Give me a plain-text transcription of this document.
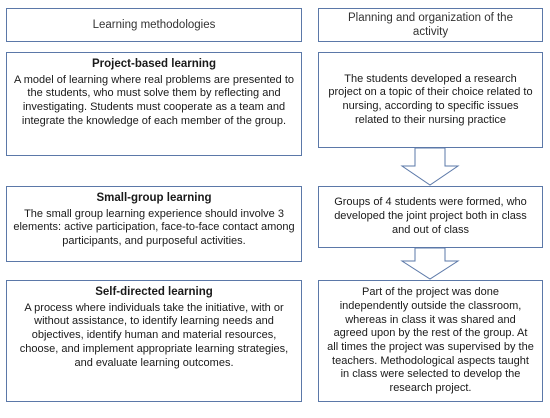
Learning methodologies
Planning and organization of the activity
Project-based learning
A model of learning where real problems are presented to the students, who must solve them by reflecting and investigating. Students must cooperate as a team and integrate the knowledge of each member of the group.
Small-group learning
The small group learning experience should involve 3 elements: active participation, face-to-face contact among participants, and purposeful activities.
Self-directed learning
A process where individuals take the initiative, with or without assistance, to identify learning needs and objectives, identify human and material resources, choose, and implement appropriate learning strategies, and evaluate learning outcomes.
The students developed a research project on a topic of their choice related to nursing, according to specific issues related to their nursing practice
Groups of 4 students were formed, who developed the joint project both in class and out of class
Part of the project was done independently outside the classroom, whereas in class it was shared and agreed upon by the rest of the group. At all times the project was supervised by the teachers. Methodological aspects taught in class were selected to develop the research project.
